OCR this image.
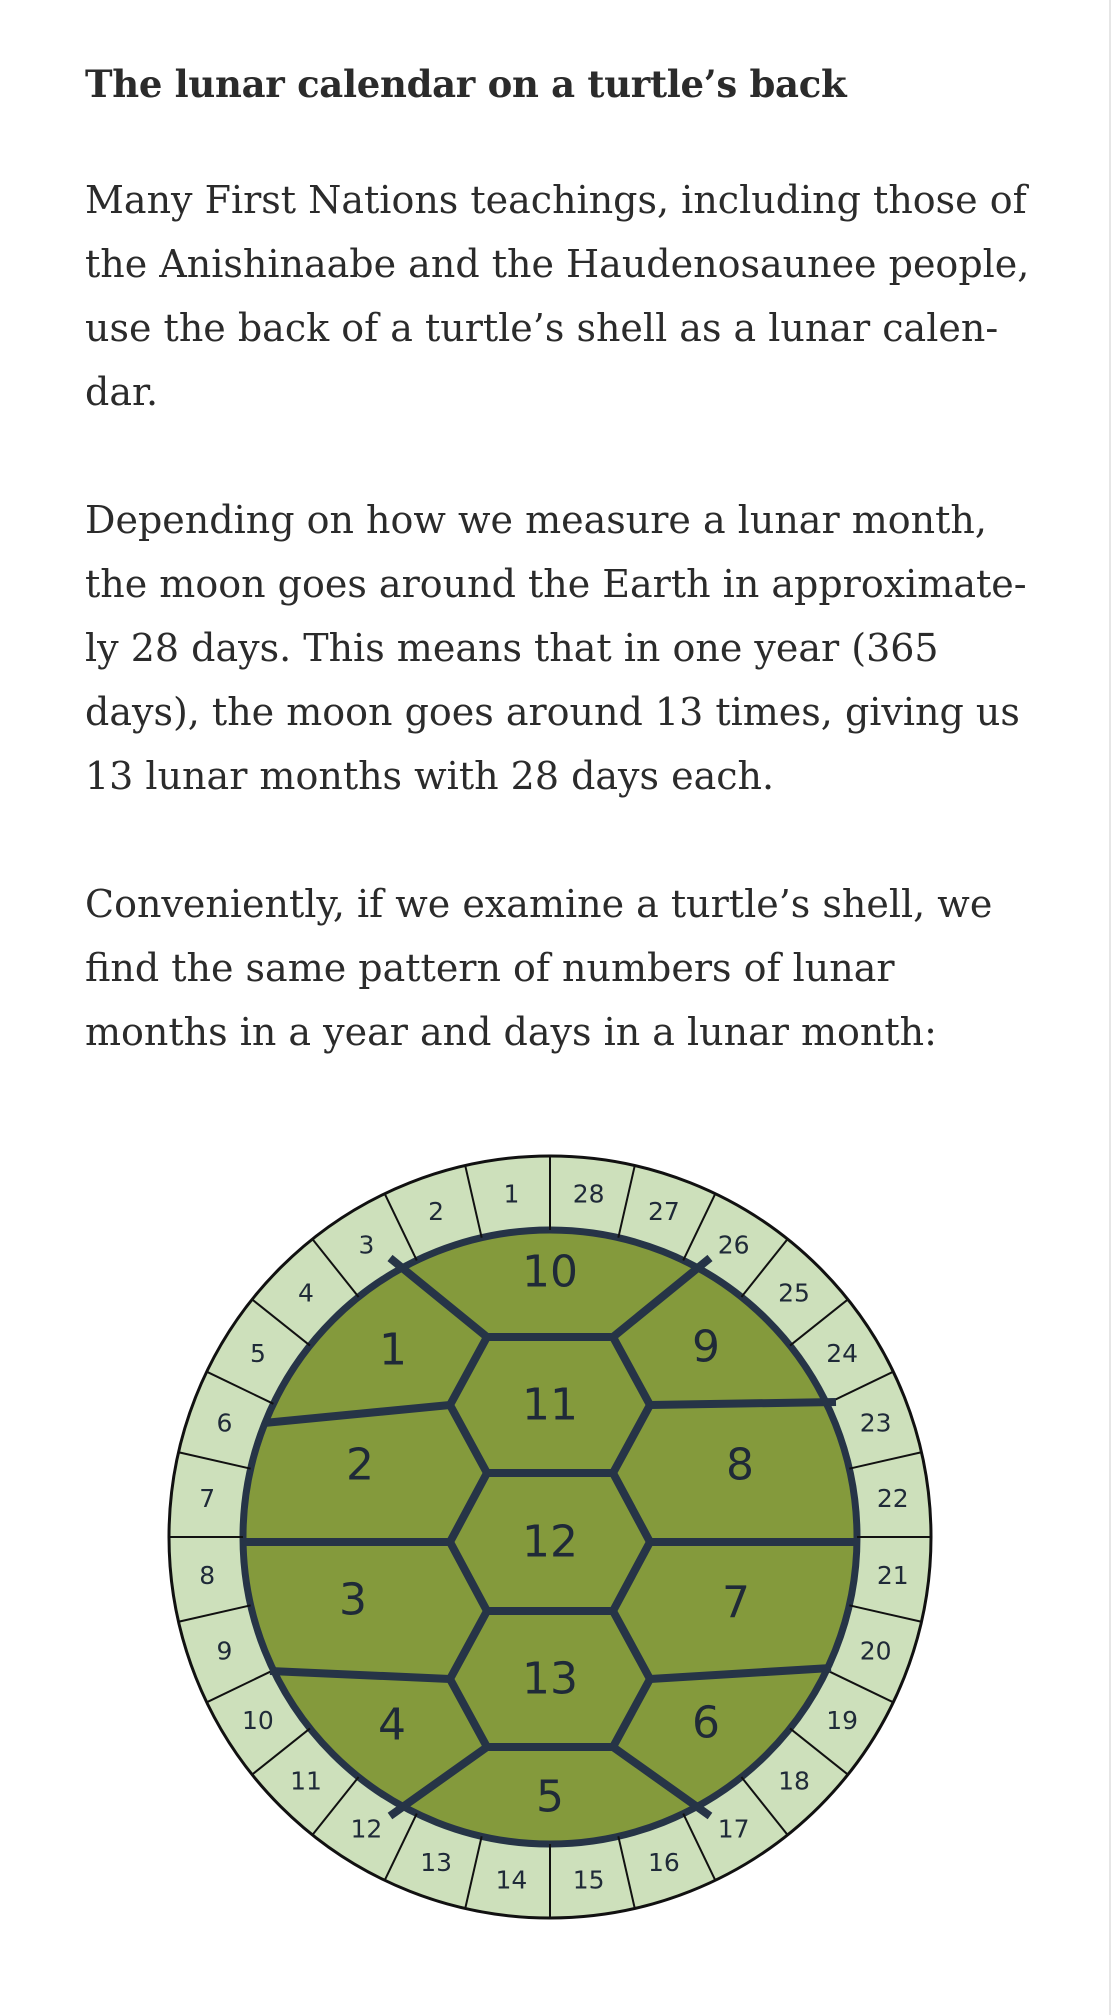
The lunar calendar on a turtle’s back

Many First Nations teachings, including those of the Anishinaabe and the Haudenosaunee people, use the back of a turtle’s shell as a lunar calen-dar.

Depending on how we measure a lunar month, the moon goes around the Earth in approximate-ly 28 days. This means that in one year (365 days), the moon goes around 13 times, giving us 13 lunar months with 28 days each.

Conveniently, if we examine a turtle’s shell, we find the same pattern of numbers of lunar months in a year and days in a lunar month:

1
2
3
4
5
6
7
8
9
10
11
12
13
14 15
16
17
18
19
20
21
22
23
24
25
26
27
28
1
2
3
4
5
6
7
8
9
10
11
12
13
